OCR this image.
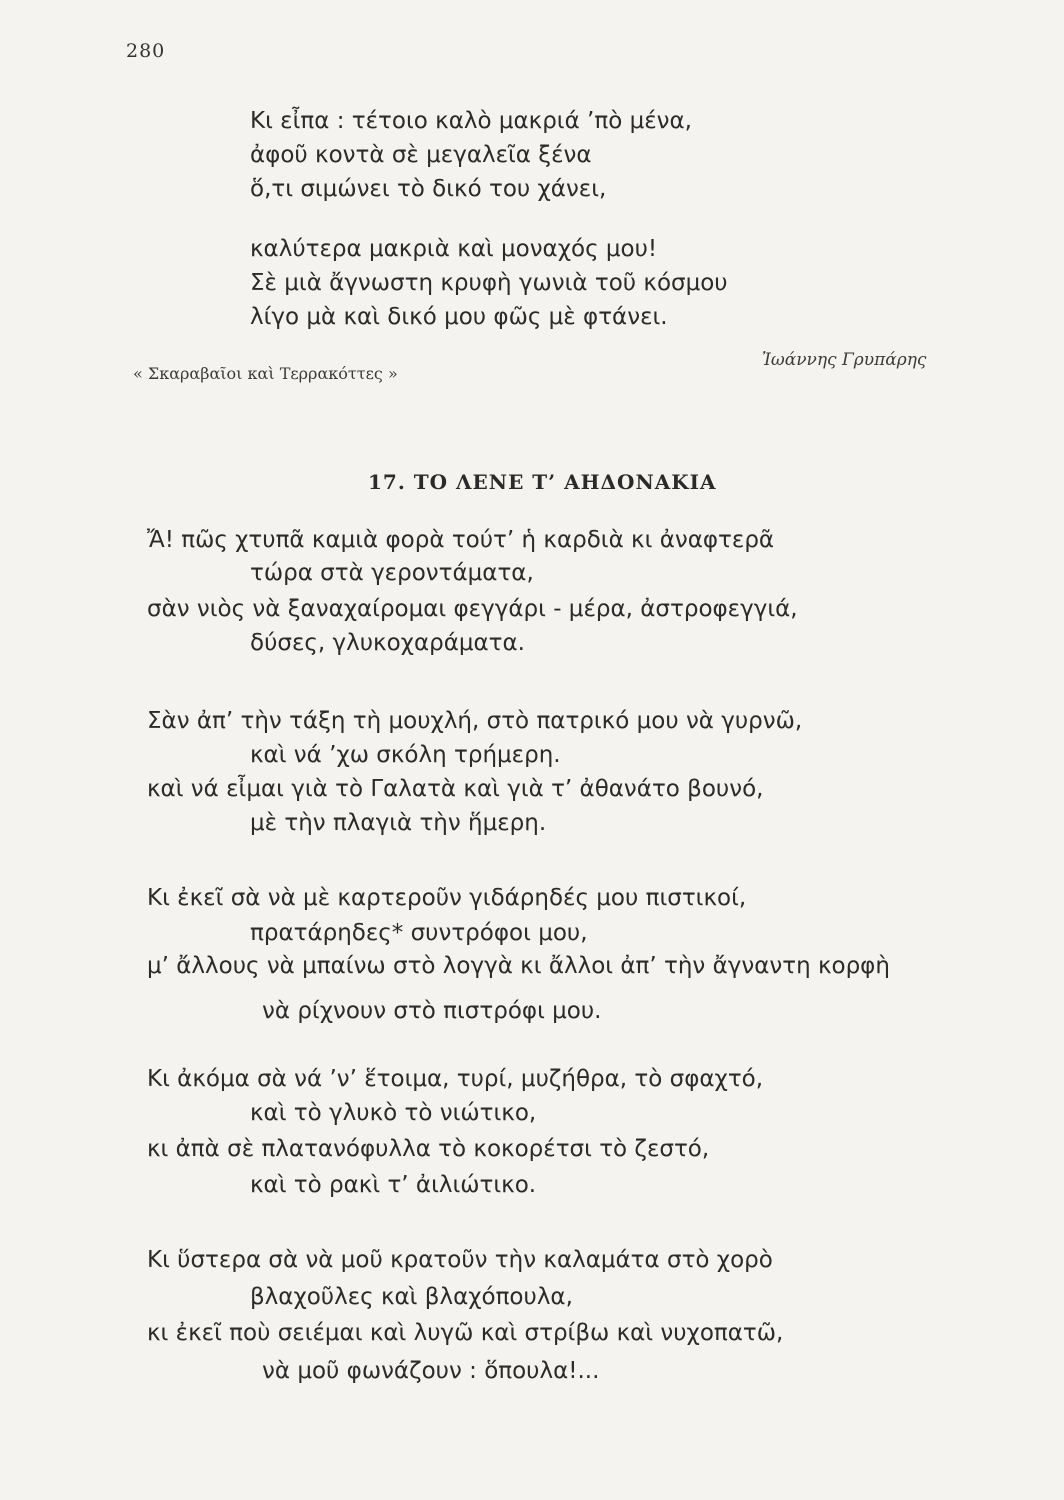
280
Κι εἶπα : τέτοιο καλὸ μακριά ’πὸ μένα,
ἀφοῦ κοντὰ σὲ μεγαλεῖα ξένα
ὅ,τι σιμώνει τὸ δικό του χάνει,
καλύτερα μακριὰ καὶ μοναχός μου!
Σὲ μιὰ ἄγνωστη κρυφὴ γωνιὰ τοῦ κόσμου
λίγο μὰ καὶ δικό μου φῶς μὲ φτάνει.
« Σκαραβαῖοι καὶ Τερρακόττες »
Ἰωάννης Γρυπάρης
17. ΤΟ ΛΕΝΕ Τ’ ΑΗΔΟΝΑΚΙΑ
Ἄ! πῶς χτυπᾶ καμιὰ φορὰ τούτ’ ἡ καρδιὰ κι ἀναφτερᾶ
τώρα στὰ γεροντάματα,
σὰν νιὸς νὰ ξαναχαίρομαι φεγγάρι - μέρα, ἀστροφεγγιά,
δύσες, γλυκοχαράματα.
Σὰν ἀπ’ τὴν τάξη τὴ μουχλή, στὸ πατρικό μου νὰ γυρνῶ,
καὶ νά ’χω σκόλη τρήμερη.
καὶ νά εἶμαι γιὰ τὸ Γαλατὰ καὶ γιὰ τ’ ἀθανάτο βουνό,
μὲ τὴν πλαγιὰ τὴν ἥμερη.
Κι ἐκεῖ σὰ νὰ μὲ καρτεροῦν γιδάρηδές μου πιστικοί,
πρατάρηδες* συντρόφοι μου,
μ’ ἄλλους νὰ μπαίνω στὸ λογγὰ κι ἄλλοι ἀπ’ τὴν ἄγναντη κορφὴ
νὰ ρίχνουν στὸ πιστρόφι μου.
Κι ἀκόμα σὰ νά ’ν’ ἕτοιμα, τυρί, μυζήθρα, τὸ σφαχτό,
καὶ τὸ γλυκὸ τὸ νιώτικο,
κι ἀπὰ σὲ πλατανόφυλλα τὸ κοκορέτσι τὸ ζεστό,
καὶ τὸ ρακὶ τ’ ἀιλιώτικο.
Κι ὕστερα σὰ νὰ μοῦ κρατοῦν τὴν καλαμάτα στὸ χορὸ
βλαχοῦλες καὶ βλαχόπουλα,
κι ἐκεῖ ποὺ σειέμαι καὶ λυγῶ καὶ στρίβω καὶ νυχοπατῶ,
νὰ μοῦ φωνάζουν : ὅπουλα!...
